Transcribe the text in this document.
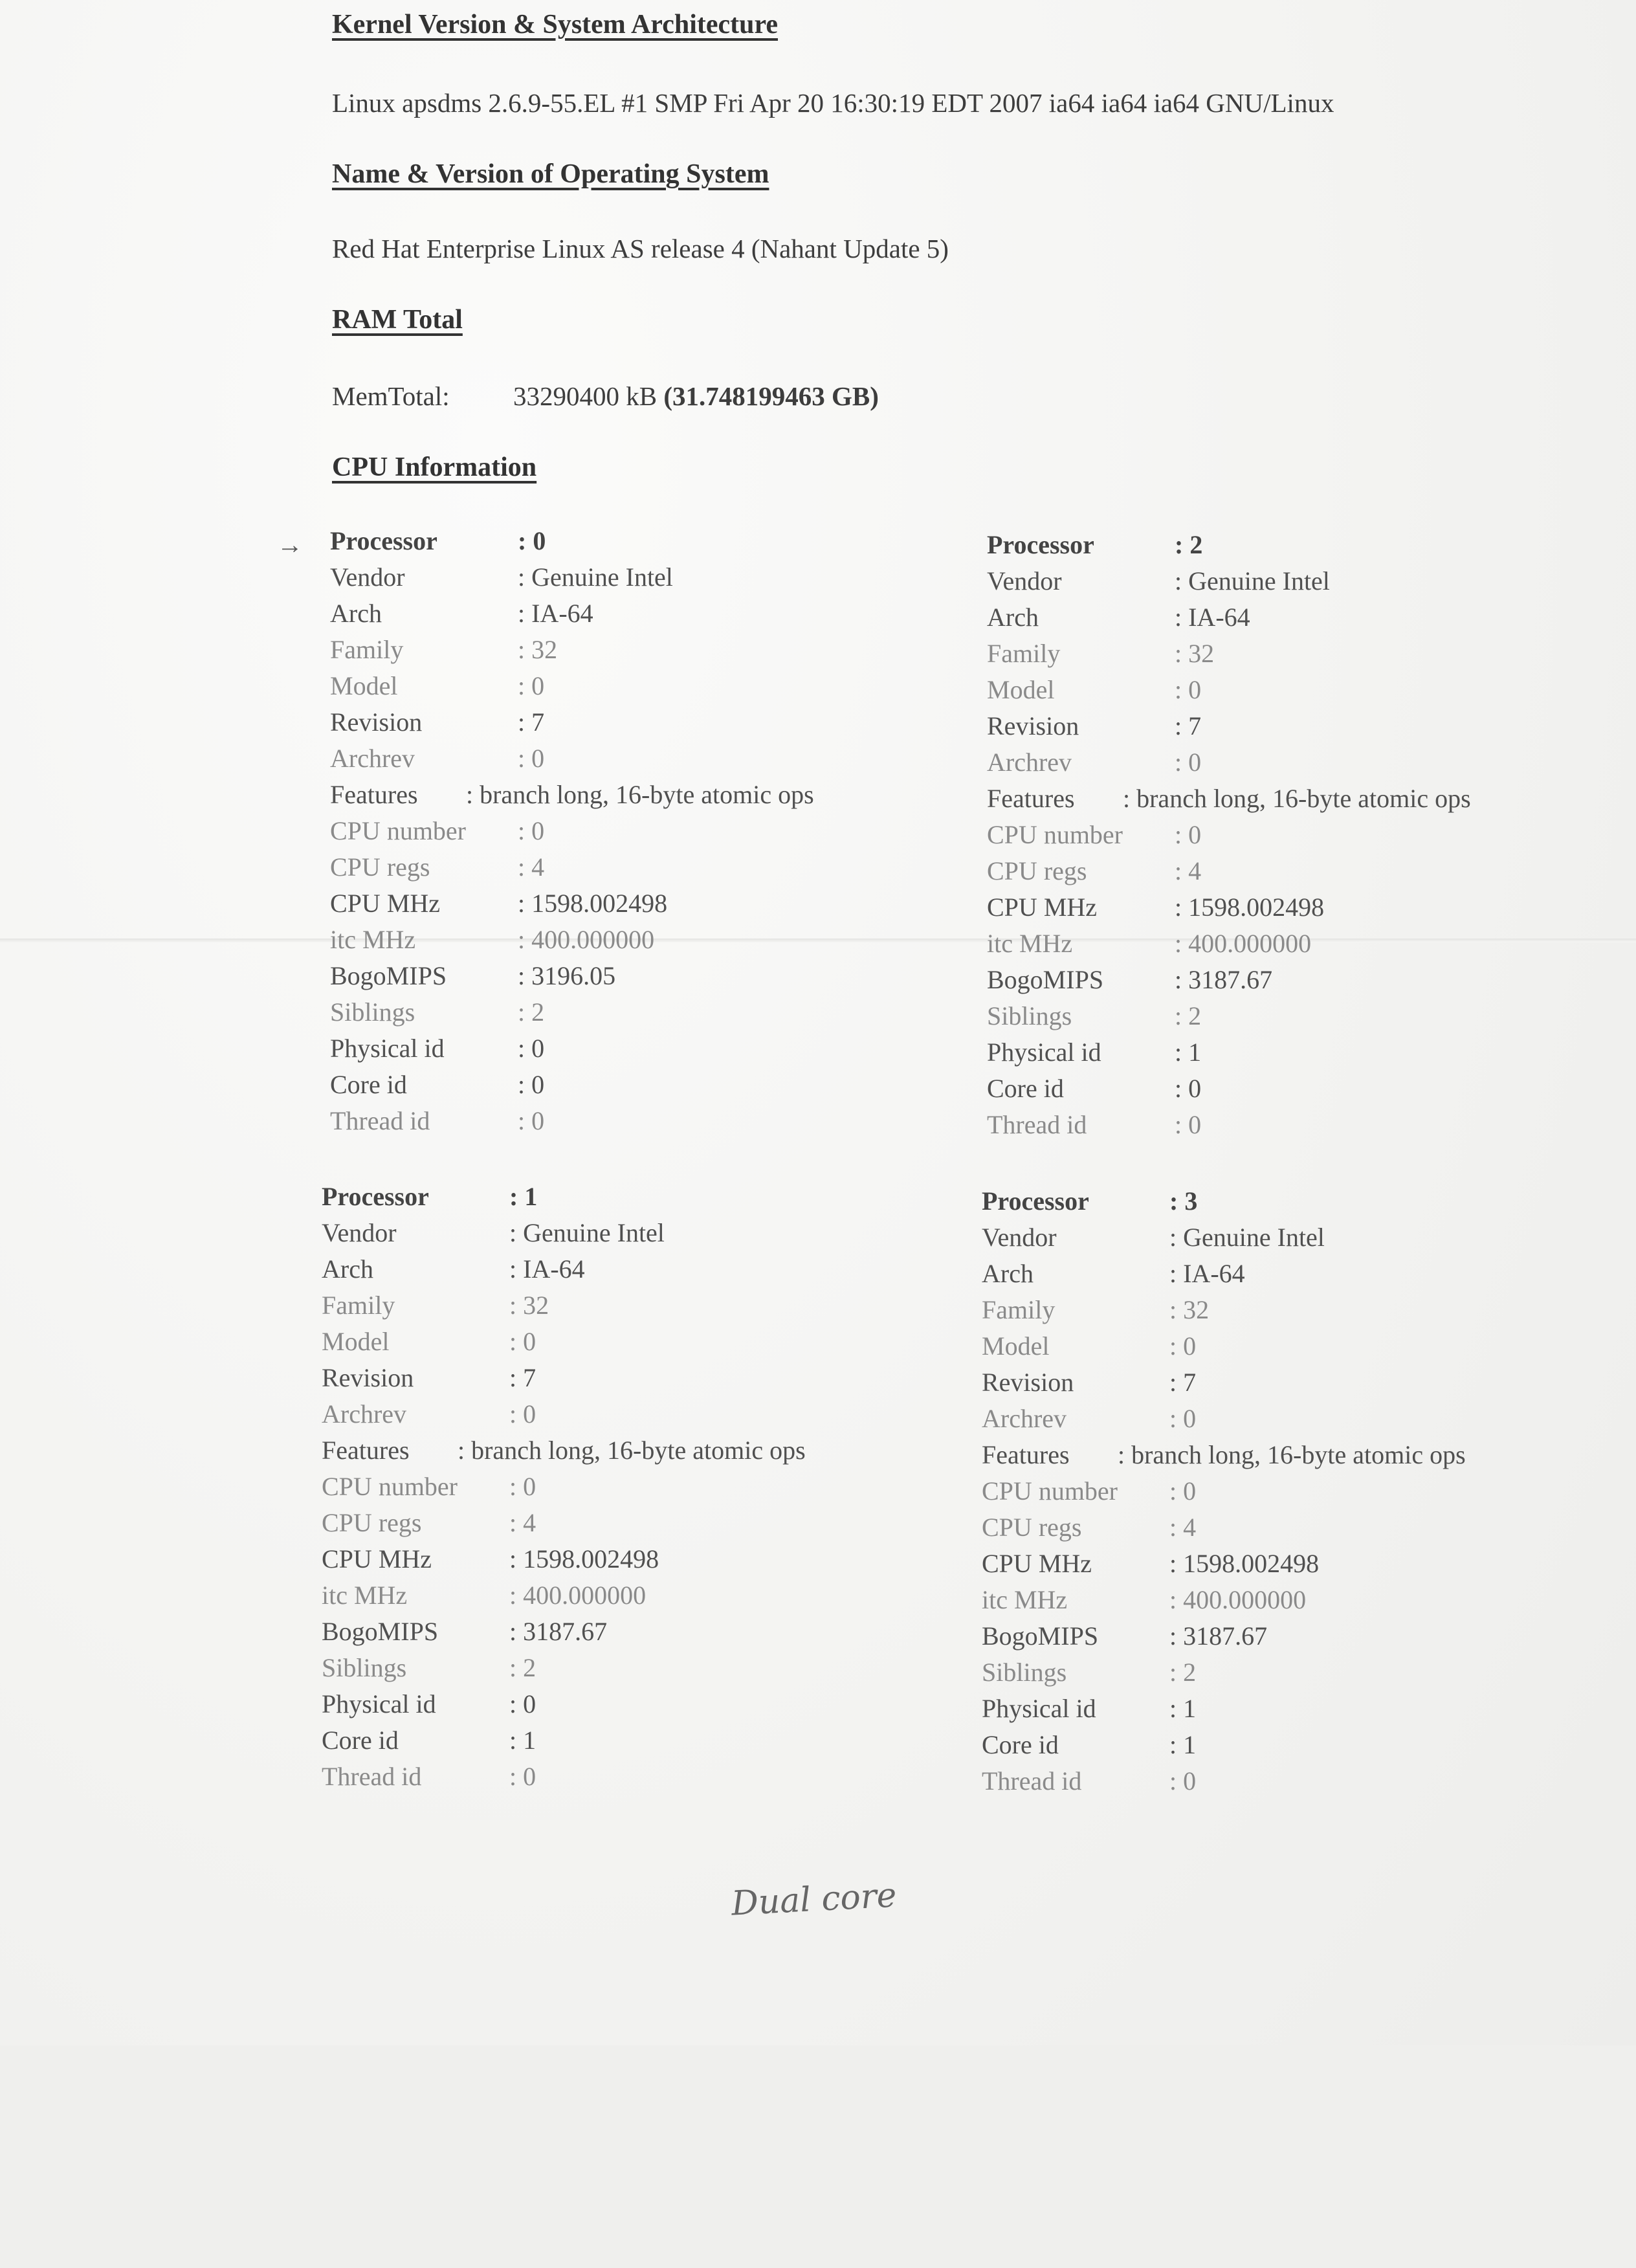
Kernel Version & System Architecture
Linux apsdms 2.6.9-55.EL #1 SMP Fri Apr 20 16:30:19 EDT 2007 ia64 ia64 ia64 GNU/Linux
Name & Version of Operating System
Red Hat Enterprise Linux AS release 4 (Nahant Update 5)
RAM Total
MemTotal: 33290400 kB (31.748199463 GB)
CPU Information
→ Processor	: 0
Vendor	: Genuine Intel
Arch	: IA-64
Family	: 32
Model	: 0
Revision	: 7
Archrev	: 0
Features : branch long, 16-byte atomic ops
CPU number : 0
CPU regs	: 4
CPU MHz	: 1598.002498
itc MHz	: 400.000000
BogoMIPS	: 3196.05
Siblings	: 2
Physical id	: 0
Core id	: 0
Thread id	: 0
Processor	: 1
Vendor	: Genuine Intel
Arch	: IA-64
Family	: 32
Model	: 0
Revision	: 7
Archrev	: 0
Features : branch long, 16-byte atomic ops
CPU number : 0
CPU regs	: 4
CPU MHz	: 1598.002498
itc MHz	: 400.000000
BogoMIPS	: 3187.67
Siblings	: 2
Physical id	: 0
Core id	: 1
Thread id	: 0
Processor	: 2
Vendor	: Genuine Intel
Arch	: IA-64
Family	: 32
Model	: 0
Revision	: 7
Archrev	: 0
Features : branch long, 16-byte atomic ops
CPU number : 0
CPU regs	: 4
CPU MHz	: 1598.002498
itc MHz	: 400.000000
BogoMIPS	: 3187.67
Siblings	: 2
Physical id	: 1
Core id	: 0
Thread id	: 0
Processor	: 3
Vendor	: Genuine Intel
Arch	: IA-64
Family	: 32
Model	: 0
Revision	: 7
Archrev	: 0
Features : branch long, 16-byte atomic ops
CPU number : 0
CPU regs	: 4
CPU MHz	: 1598.002498
itc MHz	: 400.000000
BogoMIPS	: 3187.67
Siblings	: 2
Physical id	: 1
Core id	: 1
Thread id	: 0
Dual core
